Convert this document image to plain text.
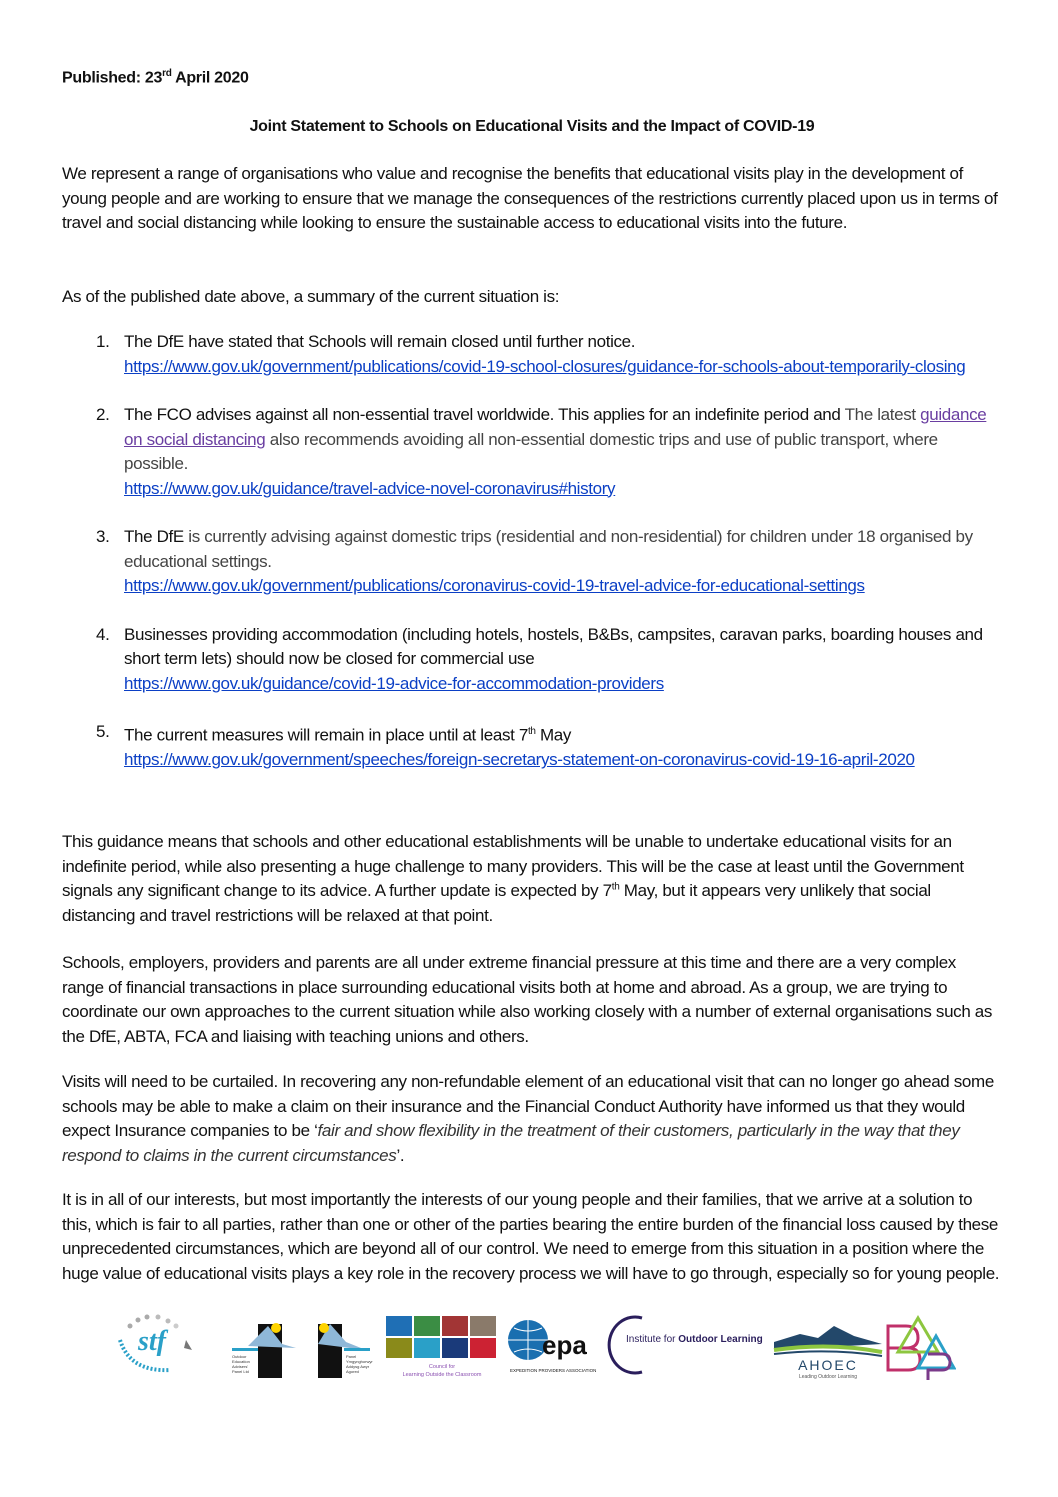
Published: 23rd April 2020
Joint Statement to Schools on Educational Visits and the Impact of COVID-19

We represent a range of organisations who value and recognise the benefits that educational visits play in the development of young people and are working to ensure that we manage the consequences of the restrictions currently placed upon us in terms of travel and social distancing while looking to ensure the sustainable access to educational visits into the future.

As of the published date above, a summary of the current situation is:

1. The DfE have stated that Schools will remain closed until further notice.
https://www.gov.uk/government/publications/covid-19-school-closures/guidance-for-schools-about-temporarily-closing
2. The FCO advises against all non-essential travel worldwide. This applies for an indefinite period and The latest guidance on social distancing also recommends avoiding all non-essential domestic trips and use of public transport, where possible.
https://www.gov.uk/guidance/travel-advice-novel-coronavirus#history
3. The DfE is currently advising against domestic trips (residential and non-residential) for children under 18 organised by educational settings.
https://www.gov.uk/government/publications/coronavirus-covid-19-travel-advice-for-educational-settings
4. Businesses providing accommodation (including hotels, hostels, B&Bs, campsites, caravan parks, boarding houses and short term lets) should now be closed for commercial use
https://www.gov.uk/guidance/covid-19-advice-for-accommodation-providers
5. The current measures will remain in place until at least 7th May
https://www.gov.uk/government/speeches/foreign-secretarys-statement-on-coronavirus-covid-19-16-april-2020

This guidance means that schools and other educational establishments will be unable to undertake educational visits for an indefinite period, while also presenting a huge challenge to many providers. This will be the case at least until the Government signals any significant change to its advice. A further update is expected by 7th May, but it appears very unlikely that social distancing and travel restrictions will be relaxed at that point.

Schools, employers, providers and parents are all under extreme financial pressure at this time and there are a very complex range of financial transactions in place surrounding educational visits both at home and abroad. As a group, we are trying to coordinate our own approaches to the current situation while also working closely with a number of external organisations such as the DfE, ABTA, FCA and liaising with teaching unions and others.

Visits will need to be curtailed. In recovering any non-refundable element of an educational visit that can no longer go ahead some schools may be able to make a claim on their insurance and the Financial Conduct Authority have informed us that they would expect Insurance companies to be ‘fair and show flexibility in the treatment of their customers, particularly in the way that they respond to claims in the current circumstances’.

It is in all of our interests, but most importantly the interests of our young people and their families, that we arrive at a solution to this, which is fair to all parties, rather than one or other of the parties bearing the entire burden of the financial loss caused by these unprecedented circumstances, which are beyond all of our control. We need to emerge from this situation in a position where the huge value of educational visits plays a key role in the recovery process we will have to go through, especially so for young people.

stf	Outdoor
Education
Advisers'
Panel Ltd
Panel
Ymgynghorwyr
Addysg Awyr
Agored
Council for
Learning Outside the Classroom
epa
EXPEDITION PROVIDERS ASSOCIATION
Institute for Outdoor Learning
AHOEC
Leading Outdoor Learning
